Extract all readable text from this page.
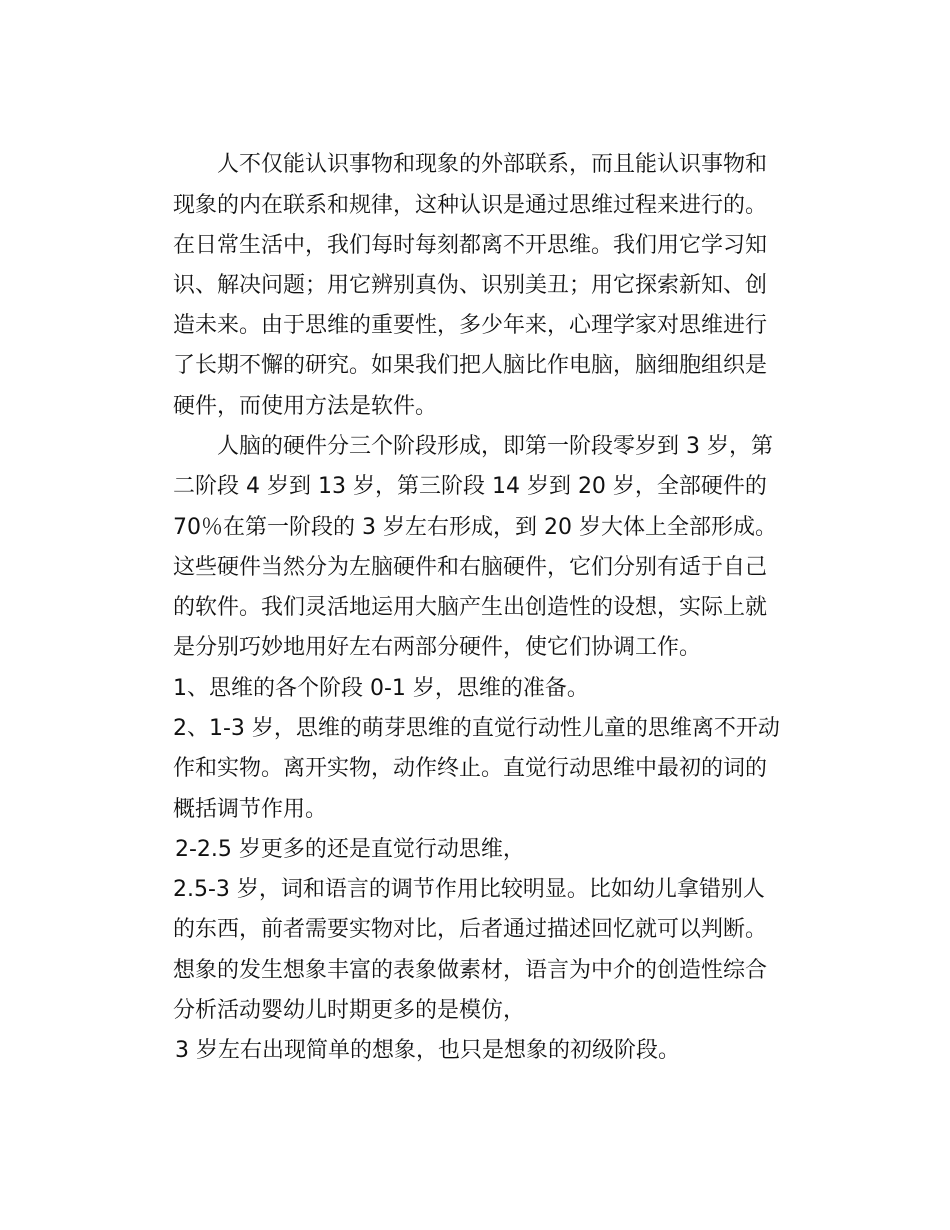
人不仅能认识事物和现象的外部联系，而且能认识事物和
现象的内在联系和规律，这种认识是通过思维过程来进行的。
在日常生活中，我们每时每刻都离不开思维。我们用它学习知
识、解决问题；用它辨别真伪、识别美丑；用它探索新知、创
造未来。由于思维的重要性，多少年来，心理学家对思维进行
了长期不懈的研究。如果我们把人脑比作电脑，脑细胞组织是
硬件，而使用方法是软件。
人脑的硬件分三个阶段形成，即第一阶段零岁到 3 岁，第
二阶段 4 岁到 13 岁，第三阶段 14 岁到 20 岁，全部硬件的
70％在第一阶段的 3 岁左右形成，到 20 岁大体上全部形成。
这些硬件当然分为左脑硬件和右脑硬件，它们分别有适于自己
的软件。我们灵活地运用大脑产生出创造性的设想，实际上就
是分别巧妙地用好左右两部分硬件，使它们协调工作。
1、思维的各个阶段 0-1 岁，思维的准备。
2、1-3 岁，思维的萌芽思维的直觉行动性儿童的思维离不开动
作和实物。离开实物，动作终止。直觉行动思维中最初的词的
概括调节作用。
2-2.5 岁更多的还是直觉行动思维，
2.5-3 岁，词和语言的调节作用比较明显。比如幼儿拿错别人
的东西，前者需要实物对比，后者通过描述回忆就可以判断。
想象的发生想象丰富的表象做素材，语言为中介的创造性综合
分析活动婴幼儿时期更多的是模仿，
3 岁左右出现简单的想象，也只是想象的初级阶段。
